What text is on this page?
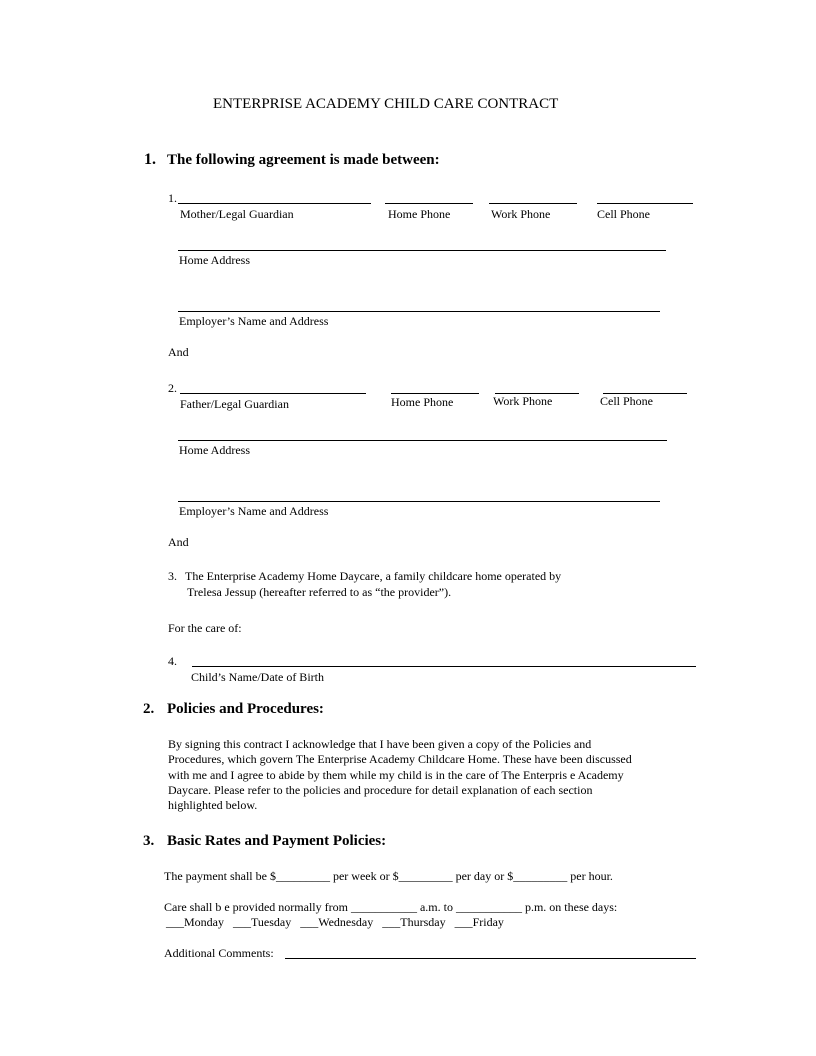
ENTERPRISE ACADEMY CHILD CARE CONTRACT
1. The following agreement is made between:
1.
Mother/Legal Guardian	Home Phone	Work Phone	Cell Phone
Home Address
Employer’s Name and Address
And
2.
Father/Legal Guardian	Home Phone	Work Phone	Cell Phone
Home Address
Employer’s Name and Address
And
3. The Enterprise Academy Home Daycare, a family childcare home operated by
Trelesa Jessup (hereafter referred to as “the provider”).
For the care of:
4.
Child’s Name/Date of Birth
2. Policies and Procedures:
By signing this contract I acknowledge that I have been given a copy of the Policies and
Procedures, which govern The Enterprise Academy Childcare Home. These have been discussed
with me and I agree to abide by them while my child is in the care of The Enterpris e Academy
Daycare. Please refer to the policies and procedure for detail explanation of each section
highlighted below.
3. Basic Rates and Payment Policies:
The payment shall be $_________ per week or $_________ per day or $_________ per hour.
Care shall b e provided normally from ___________ a.m. to ___________ p.m. on these days:
___Monday   ___Tuesday   ___Wednesday   ___Thursday   ___Friday
Additional Comments:
